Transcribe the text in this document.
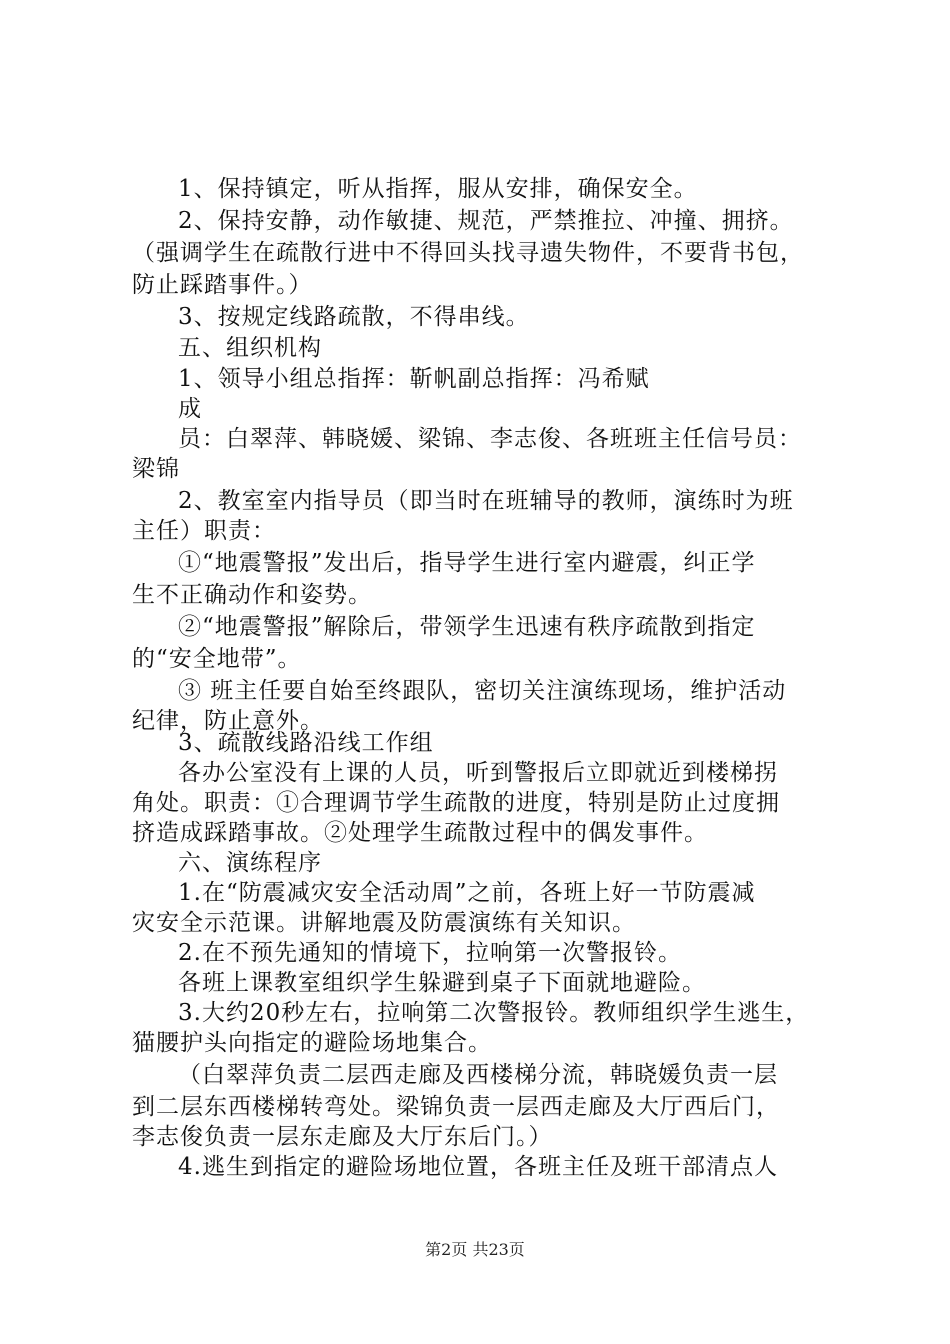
1、保持镇定，听从指挥，服从安排，确保安全。
2、保持安静，动作敏捷、规范，严禁推拉、冲撞、拥挤。
（强调学生在疏散行进中不得回头找寻遗失物件，不要背书包，
防止踩踏事件。）
3、按规定线路疏散，不得串线。
五、组织机构
1、领导小组总指挥：靳帆副总指挥：冯希赋
成
员：白翠萍、韩晓媛、梁锦、李志俊、各班班主任信号员：
梁锦
2、教室室内指导员（即当时在班辅导的教师，演练时为班
主任）职责：
①“地震警报”发出后，指导学生进行室内避震，纠正学
生不正确动作和姿势。
②“地震警报”解除后，带领学生迅速有秩序疏散到指定
的“安全地带”。
③ 班主任要自始至终跟队，密切关注演练现场，维护活动
纪律，防止意外。
3、疏散线路沿线工作组
各办公室没有上课的人员，听到警报后立即就近到楼梯拐
角处。职责：①合理调节学生疏散的进度，特别是防止过度拥
挤造成踩踏事故。②处理学生疏散过程中的偶发事件。
六、演练程序
1.在“防震减灾安全活动周”之前，各班上好一节防震减
灾安全示范课。讲解地震及防震演练有关知识。
2.在不预先通知的情境下，拉响第一次警报铃。
各班上课教室组织学生躲避到桌子下面就地避险。
3.大约20秒左右，拉响第二次警报铃。教师组织学生逃生，
猫腰护头向指定的避险场地集合。
（白翠萍负责二层西走廊及西楼梯分流，韩晓媛负责一层
到二层东西楼梯转弯处。梁锦负责一层西走廊及大厅西后门，
李志俊负责一层东走廊及大厅东后门。）
4.逃生到指定的避险场地位置，各班主任及班干部清点人
第2页 共23页
